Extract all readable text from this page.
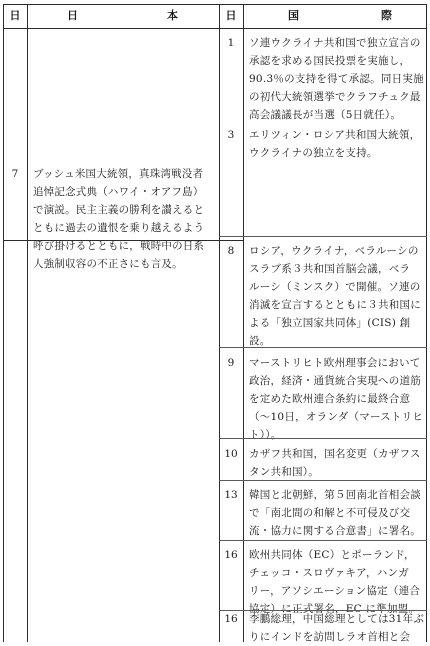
日	日	本	日	国	際
7	ブッシュ米国大統領，真珠湾戦没者
追悼記念式典（ハワイ・オアフ島）
で演説。民主主義の勝利を讃えると
ともに過去の遺恨を乗り越えるよう
呼び掛けるとともに，戦時中の日系
人強制収容の不正さにも言及。
1	ソ連ウクライナ共和国で独立宣言の
承認を求める国民投票を実施し，
90.3％の支持を得て承認。同日実施
の初代大統領選挙でクラフチュク最
高会議議長が当選（5日就任）。
3	エリツィン・ロシア共和国大統領，
ウクライナの独立を支持。
8	ロシア，ウクライナ，ベラルーシの
スラブ系３共和国首脳会議，ベラ
ルーシ（ミンスク）で開催。ソ連の
消滅を宣言するとともに３共和国に
よる「独立国家共同体」(CIS) 創設。
9	マーストリヒト欧州理事会において
政治，経済・通貨統合実現への道筋
を定めた欧州連合条約に最終合意
（～10日，オランダ（マーストリヒ
ト））。
10 カザフ共和国，国名変更（カザフス
タン共和国）。
13 韓国と北朝鮮，第５回南北首相会談
で「南北間の和解と不可侵及び交
流・協力に関する合意書」に署名。
16 欧州共同体（EC）とポーランド，
チェッコ・スロヴァキア，ハンガ
リー，アソシエーション協定（連合
協定）に正式署名，EC に準加盟。
16 李鵬総理，中国総理としては31年ぶ
りにインドを訪問しラオ首相と会
